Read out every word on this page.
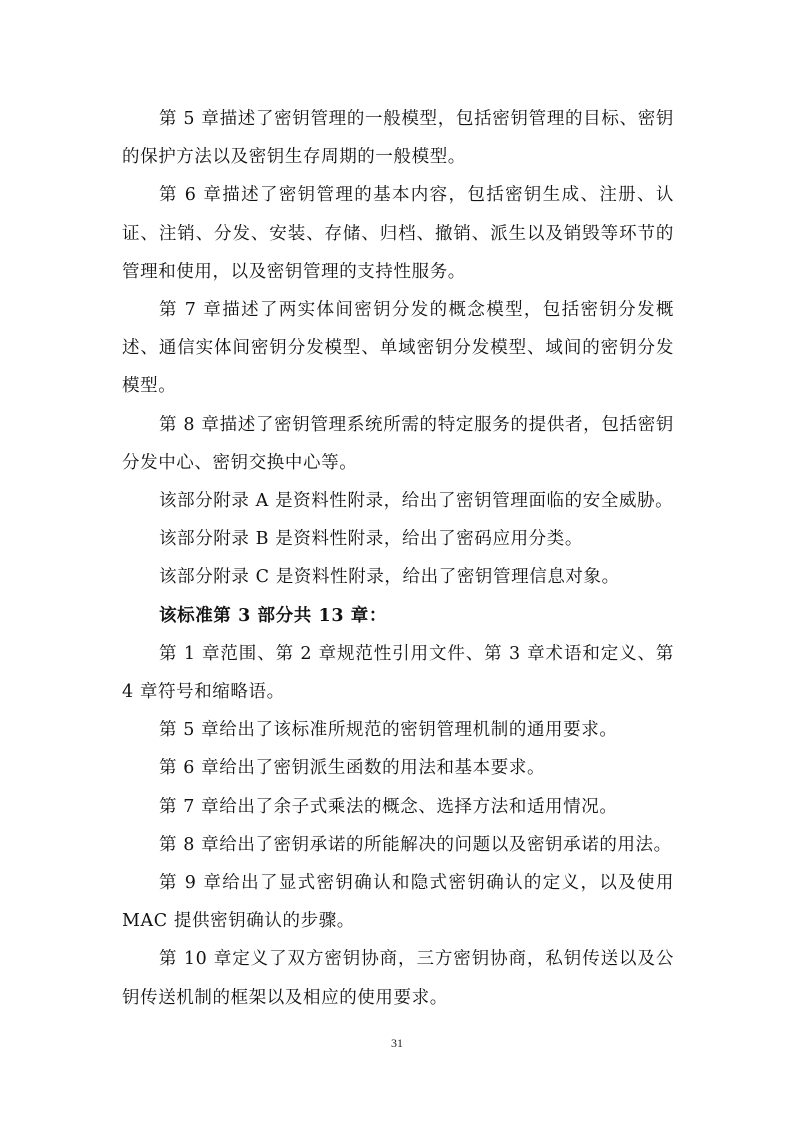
第 5 章描述了密钥管理的一般模型，包括密钥管理的目标、密钥的保护方法以及密钥生存周期的一般模型。

第 6 章描述了密钥管理的基本内容，包括密钥生成、注册、认证、注销、分发、安装、存储、归档、撤销、派生以及销毁等环节的管理和使用，以及密钥管理的支持性服务。

第 7 章描述了两实体间密钥分发的概念模型，包括密钥分发概述、通信实体间密钥分发模型、单域密钥分发模型、域间的密钥分发模型。

第 8 章描述了密钥管理系统所需的特定服务的提供者，包括密钥分发中心、密钥交换中心等。

该部分附录 A 是资料性附录，给出了密钥管理面临的安全威胁。

该部分附录 B 是资料性附录，给出了密码应用分类。

该部分附录 C 是资料性附录，给出了密钥管理信息对象。

该标准第 3 部分共 13 章：

第 1 章范围、第 2 章规范性引用文件、第 3 章术语和定义、第 4 章符号和缩略语。

第 5 章给出了该标准所规范的密钥管理机制的通用要求。

第 6 章给出了密钥派生函数的用法和基本要求。

第 7 章给出了余子式乘法的概念、选择方法和适用情况。

第 8 章给出了密钥承诺的所能解决的问题以及密钥承诺的用法。

第 9 章给出了显式密钥确认和隐式密钥确认的定义，以及使用 MAC 提供密钥确认的步骤。

第 10 章定义了双方密钥协商，三方密钥协商，私钥传送以及公钥传送机制的框架以及相应的使用要求。

31
